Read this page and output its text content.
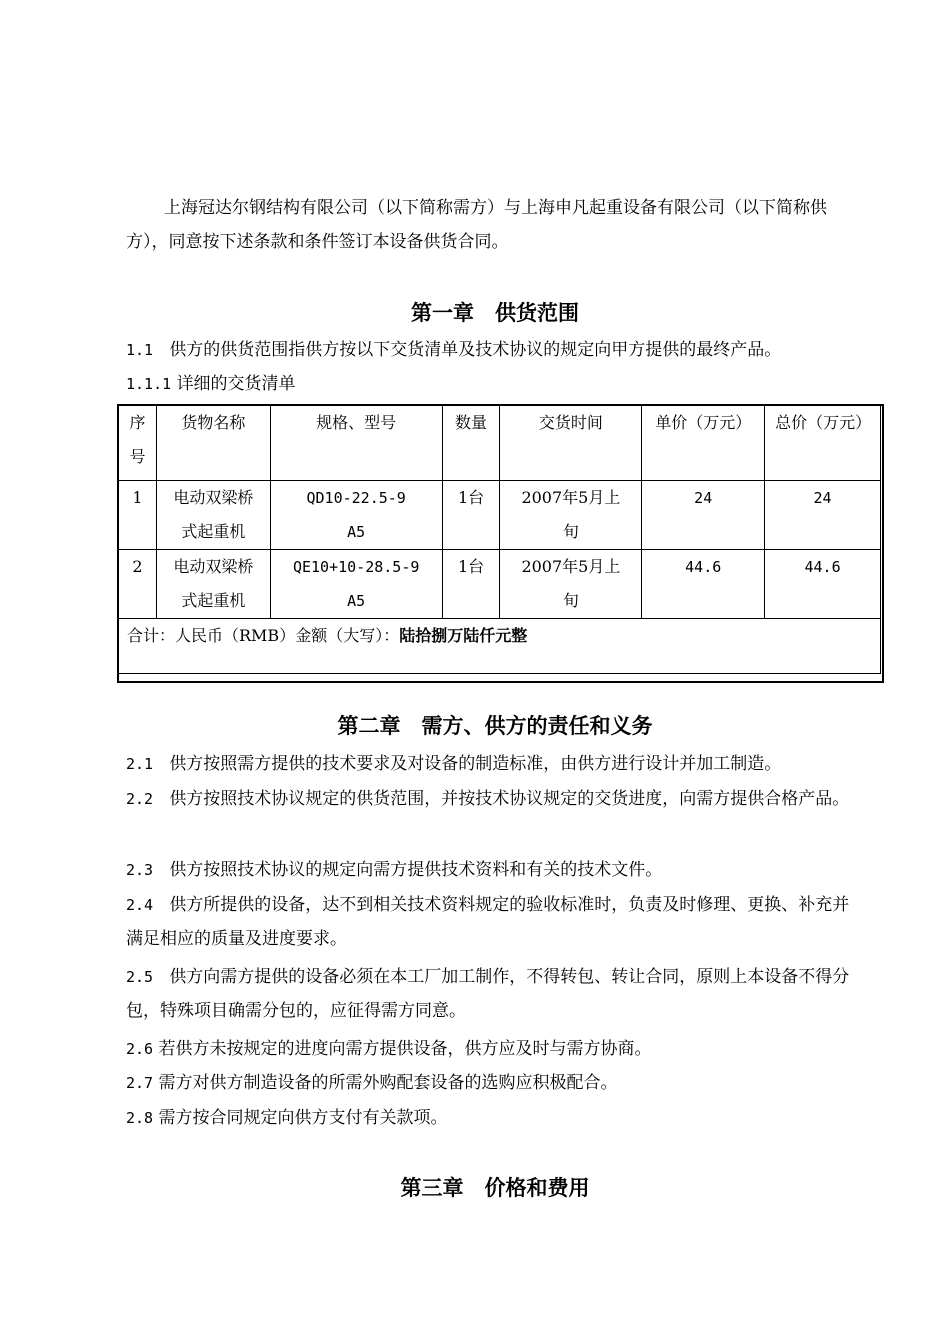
上海冠达尔钢结构有限公司（以下简称需方）与上海申凡起重设备有限公司（以下简称供方），同意按下述条款和条件签订本设备供货合同。

第一章　供货范围

1.1 供方的供货范围指供方按以下交货清单及技术协议的规定向甲方提供的最终产品。

1.1.1 详细的交货清单

序号	货物名称	规格、型号	数量	交货时间	单价（万元）	总价（万元）

1	电动双梁桥式起重机	QD10-22.5-9 A5	1台	2007年5月上旬	24	24
2	电动双梁桥式起重机	QE10+10-28.5-9 A5	1台	2007年5月上旬	44.6	44.6
合计：人民币（RMB）金额（大写）：陆拾捌万陆仟元整						
第二章　需方、供方的责任和义务

2.1 供方按照需方提供的技术要求及对设备的制造标准，由供方进行设计并加工制造。

2.2 供方按照技术协议规定的供货范围，并按技术协议规定的交货进度，向需方提供合格产品。

2.3 供方按照技术协议的规定向需方提供技术资料和有关的技术文件。

2.4 供方所提供的设备，达不到相关技术资料规定的验收标准时，负责及时修理、更换、补充并满足相应的质量及进度要求。

2.5 供方向需方提供的设备必须在本工厂加工制作，不得转包、转让合同，原则上本设备不得分包，特殊项目确需分包的，应征得需方同意。

2.6 若供方未按规定的进度向需方提供设备，供方应及时与需方协商。

2.7 需方对供方制造设备的所需外购配套设备的选购应积极配合。

2.8 需方按合同规定向供方支付有关款项。

第三章　价格和费用
